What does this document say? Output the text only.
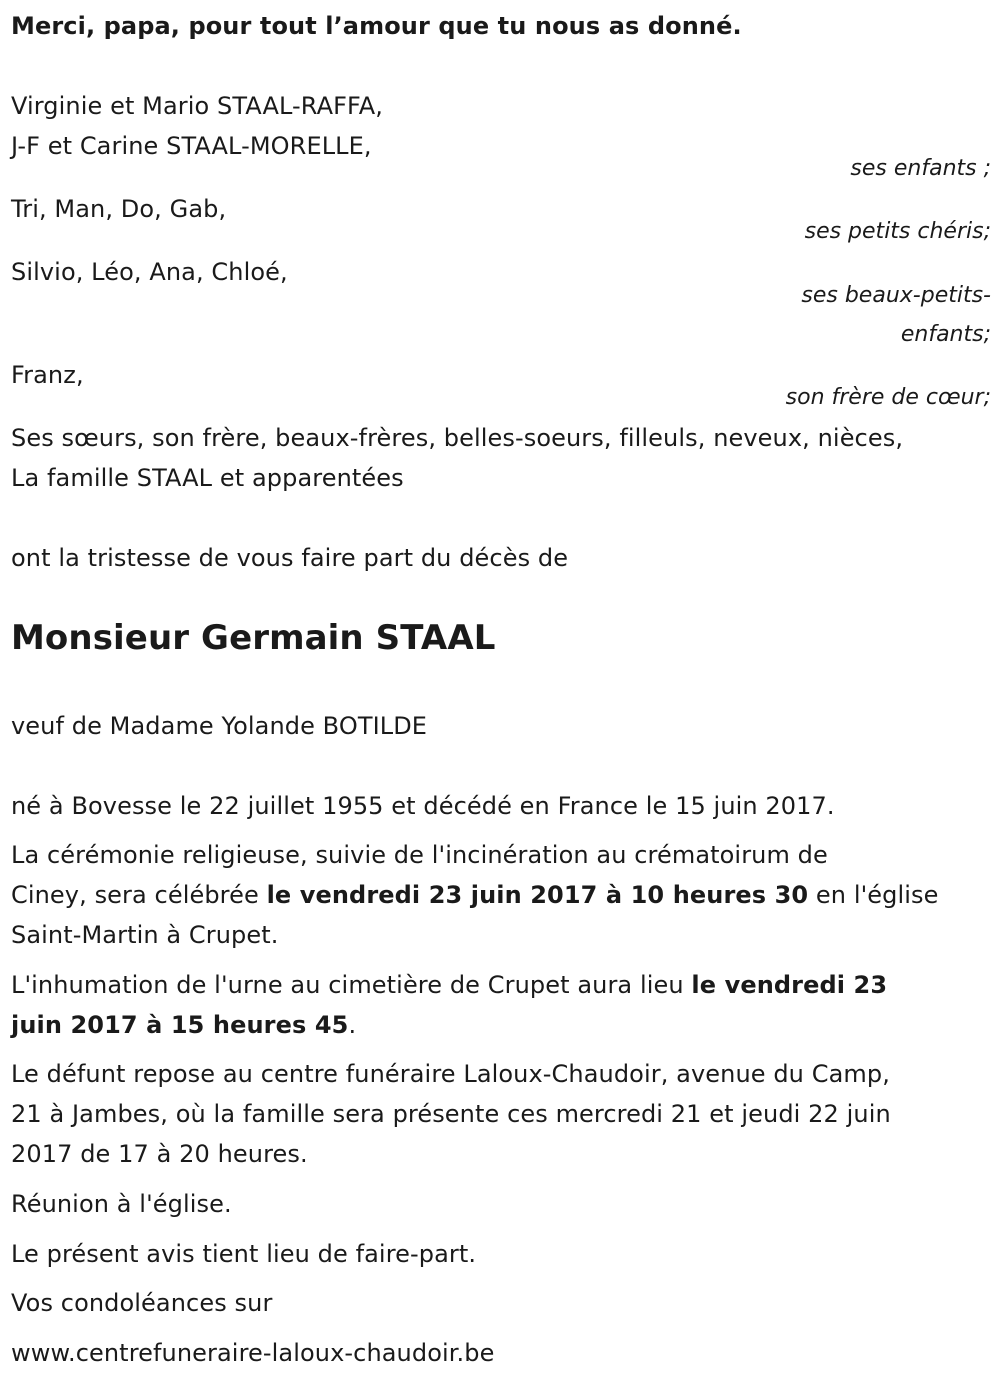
Merci, papa, pour tout l’amour que tu nous as donné.
Virginie et Mario STAAL-RAFFA,
J-F et Carine STAAL-MORELLE,
ses enfants ;
Tri, Man, Do, Gab,
ses petits chéris;
Silvio, Léo, Ana, Chloé,
ses beaux-petits-
enfants;
Franz,
son frère de cœur;
Ses sœurs, son frère, beaux-frères, belles-soeurs, filleuls, neveux, nièces,
La famille STAAL et apparentées
ont la tristesse de vous faire part du décès de
Monsieur Germain STAAL
veuf de Madame Yolande BOTILDE
né à Bovesse le 22 juillet 1955 et décédé en France le 15 juin 2017.
La cérémonie religieuse, suivie de l'incinération au crématoirum de
Ciney, sera célébrée le vendredi 23 juin 2017 à 10 heures 30 en l'église
Saint-Martin à Crupet.
L'inhumation de l'urne au cimetière de Crupet aura lieu le vendredi 23
juin 2017 à 15 heures 45.
Le défunt repose au centre funéraire Laloux-Chaudoir, avenue du Camp,
21 à Jambes, où la famille sera présente ces mercredi 21 et jeudi 22 juin
2017 de 17 à 20 heures.
Réunion à l'église.
Le présent avis tient lieu de faire-part.
Vos condoléances sur
www.centrefuneraire-laloux-chaudoir.be
